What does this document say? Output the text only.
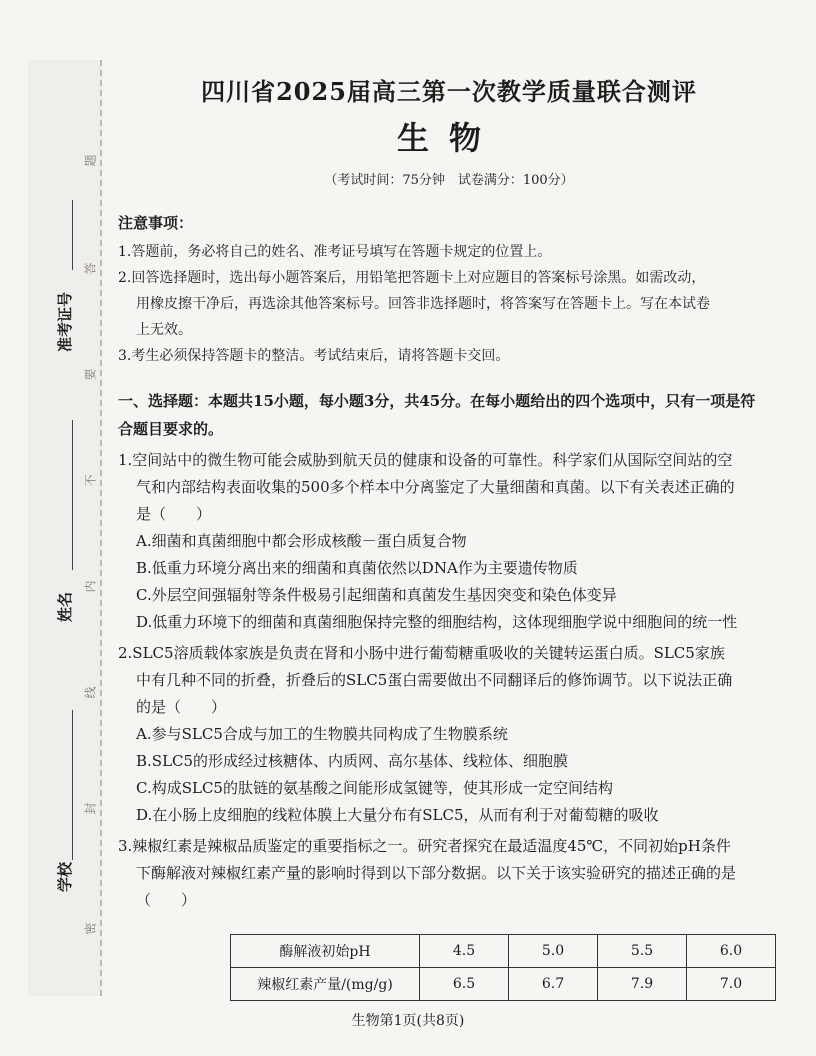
准考证号
姓名
学校
题
答
要
不
内
线
封
密
四川省2025届高三第一次教学质量联合测评
生物
（考试时间：75分钟　试卷满分：100分）
注意事项：
1.答题前，务必将自己的姓名、准考证号填写在答题卡规定的位置上。
2.回答选择题时，选出每小题答案后，用铅笔把答题卡上对应题目的答案标号涂黑。如需改动，
用橡皮擦干净后，再选涂其他答案标号。回答非选择题时，将答案写在答题卡上。写在本试卷
上无效。
3.考生必须保持答题卡的整洁。考试结束后，请将答题卡交回。
一、选择题：本题共15小题，每小题3分，共45分。在每小题给出的四个选项中，只有一项是符
合题目要求的。
1.空间站中的微生物可能会威胁到航天员的健康和设备的可靠性。科学家们从国际空间站的空
气和内部结构表面收集的500多个样本中分离鉴定了大量细菌和真菌。以下有关表述正确的
是（　　）
A.细菌和真菌细胞中都会形成核酸－蛋白质复合物
B.低重力环境分离出来的细菌和真菌依然以DNA作为主要遗传物质
C.外层空间强辐射等条件极易引起细菌和真菌发生基因突变和染色体变异
D.低重力环境下的细菌和真菌细胞保持完整的细胞结构，这体现细胞学说中细胞间的统一性
2.SLC5溶质载体家族是负责在肾和小肠中进行葡萄糖重吸收的关键转运蛋白质。SLC5家族
中有几种不同的折叠，折叠后的SLC5蛋白需要做出不同翻译后的修饰调节。以下说法正确
的是（　　）
A.参与SLC5合成与加工的生物膜共同构成了生物膜系统
B.SLC5的形成经过核糖体、内质网、高尔基体、线粒体、细胞膜
C.构成SLC5的肽链的氨基酸之间能形成氢键等，使其形成一定空间结构
D.在小肠上皮细胞的线粒体膜上大量分布有SLC5，从而有利于对葡萄糖的吸收
3.辣椒红素是辣椒品质鉴定的重要指标之一。研究者探究在最适温度45℃，不同初始pH条件
下酶解液对辣椒红素产量的影响时得到以下部分数据。以下关于该实验研究的描述正确的是
（　　）
酶解液初始pH	4.5	5.0	5.5	6.0
辣椒红素产量/(mg/g)	6.5	6.7	7.9	7.0
生物第1页(共8页)
